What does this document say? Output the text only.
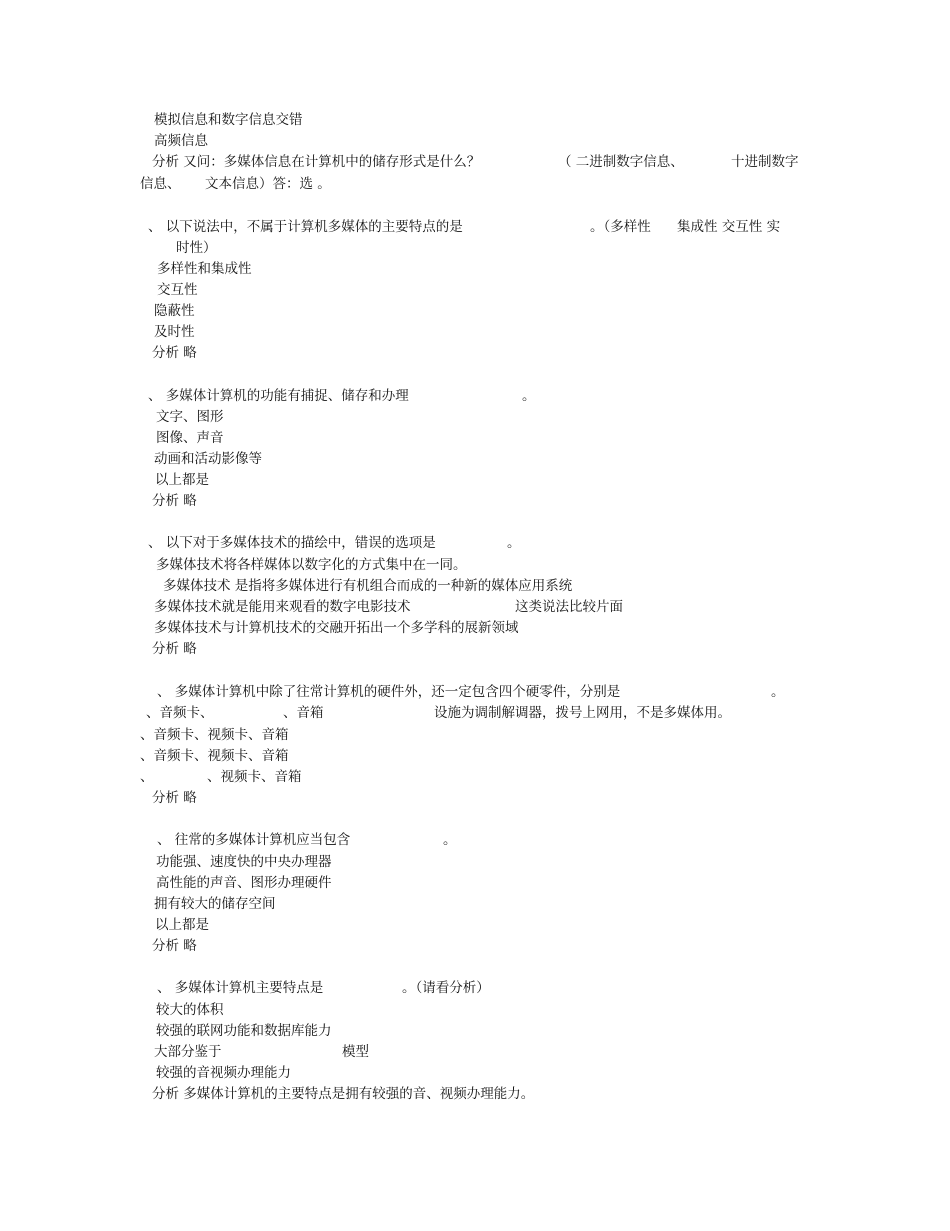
模拟信息和数字信息交错
高频信息
分析 又问：多媒体信息在计算机中的储存形式是什么？	（ 二进制数字信息、	十进制数字
信息、 文本信息）答：选 。
、 以下说法中，不属于计算机多媒体的主要特点的是	。（多样性 集成性 交互性 实
时性）
多样性和集成性
交互性
隐蔽性
及时性
分析 略
、 多媒体计算机的功能有捕捉、储存和办理	。
文字、图形
图像、声音
动画和活动影像等
以上都是
分析 略
、 以下对于多媒体技术的描绘中，错误的选项是	。
多媒体技术将各样媒体以数字化的方式集中在一同。
多媒体技术 是指将多媒体进行有机组合而成的一种新的媒体应用系统
多媒体技术就是能用来观看的数字电影技术	这类说法比较片面
多媒体技术与计算机技术的交融开拓出一个多学科的展新领域
分析 略
、 多媒体计算机中除了往常计算机的硬件外，还一定包含四个硬零件，分别是	。
、音频卡、	、音箱	设施为调制解调器，拨号上网用，不是多媒体用。
、音频卡、视频卡、音箱
、音频卡、视频卡、音箱
、	、视频卡、音箱
分析 略
、 往常的多媒体计算机应当包含	。
功能强、速度快的中央办理器
高性能的声音、图形办理硬件
拥有较大的储存空间
以上都是
分析 略
、 多媒体计算机主要特点是	。（请看分析）
较大的体积
较强的联网功能和数据库能力
大部分鉴于	模型
较强的音视频办理能力
分析 多媒体计算机的主要特点是拥有较强的音、视频办理能力。
